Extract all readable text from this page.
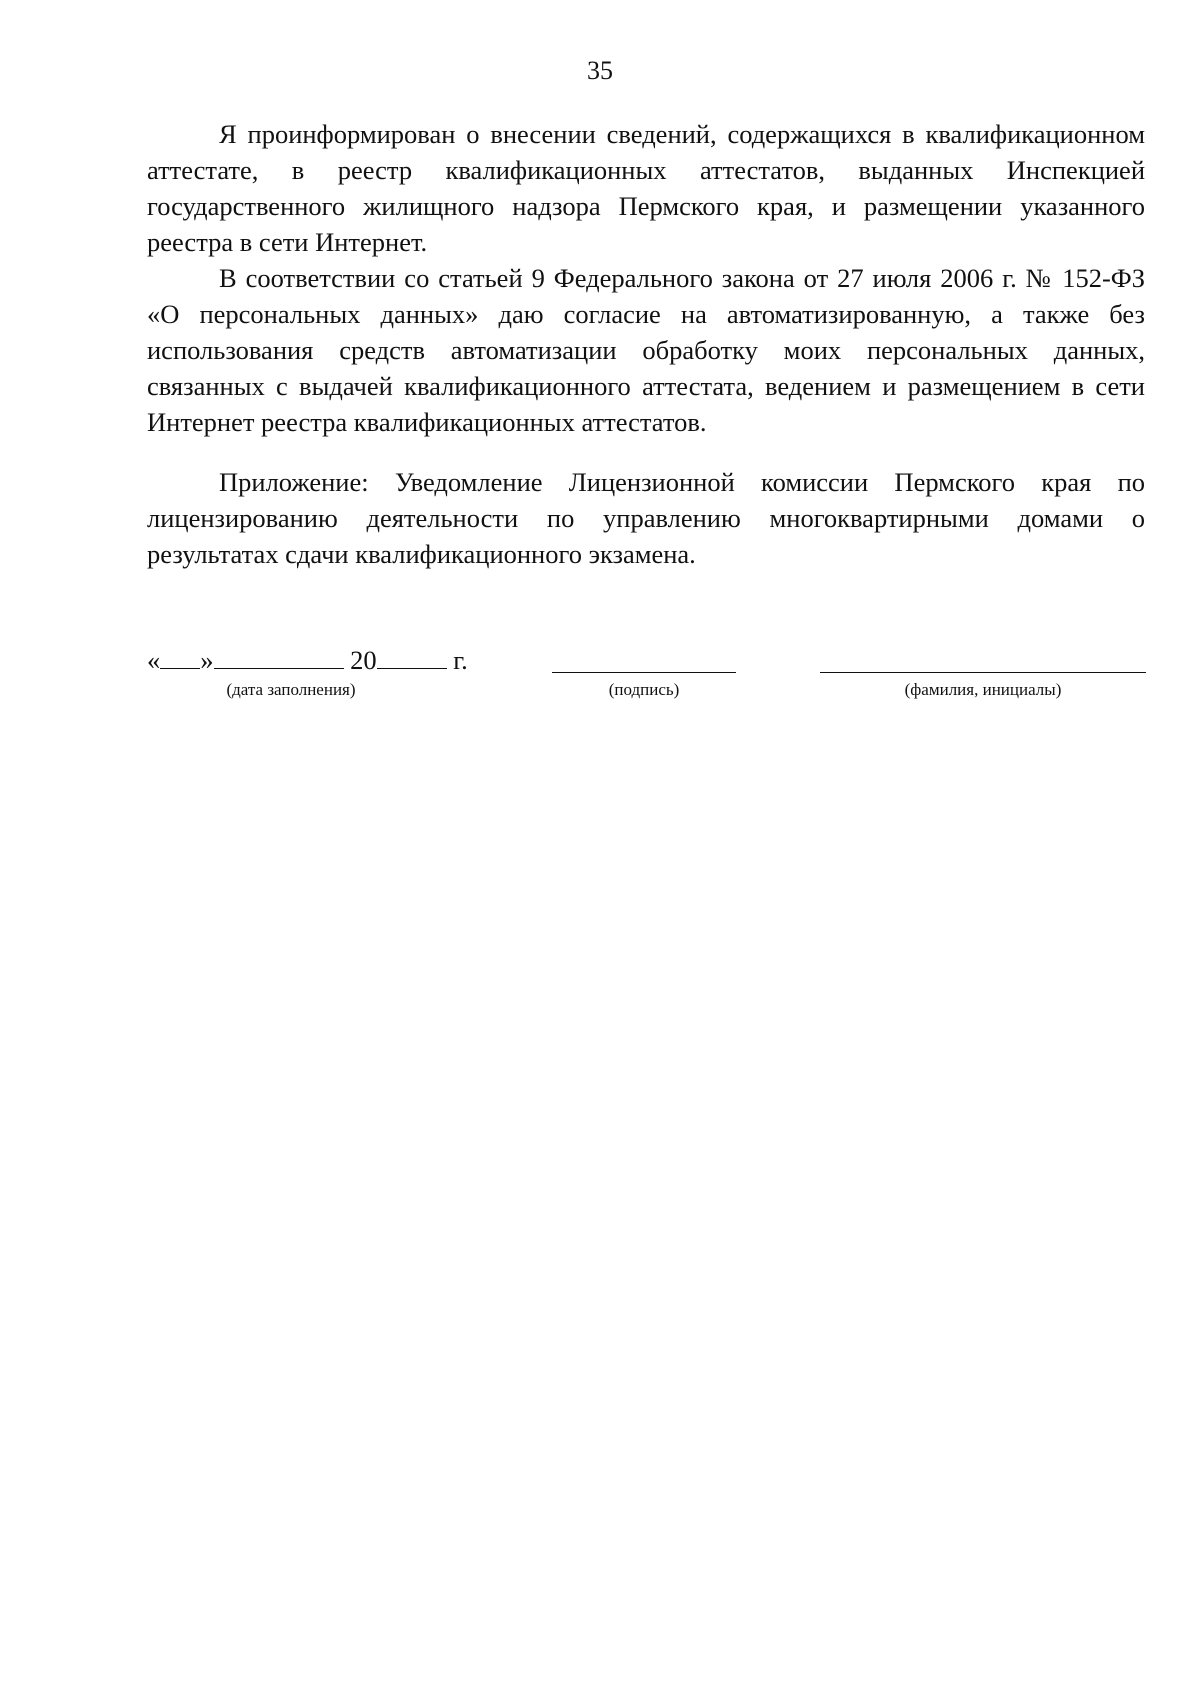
35

Я проинформирован о внесении сведений, содержащихся в квалификационном аттестате, в реестр квалификационных аттестатов, выданных Инспекцией государственного жилищного надзора Пермского края, и размещении указанного реестра в сети Интернет.

В соответствии со статьей 9 Федерального закона от 27 июля 2006 г. № 152-ФЗ «О персональных данных» даю согласие на автоматизированную, а также без использования средств автоматизации обработку моих персональных данных, связанных с выдачей квалификационного аттестата, ведением и размещением в сети Интернет реестра квалификационных аттестатов.

Приложение: Уведомление Лицензионной комиссии Пермского края по лицензированию деятельности по управлению многоквартирными домами о результатах сдачи квалификационного экзамена.

« »	20	г.
(дата заполнения)	(подпись)	(фамилия, инициалы)
